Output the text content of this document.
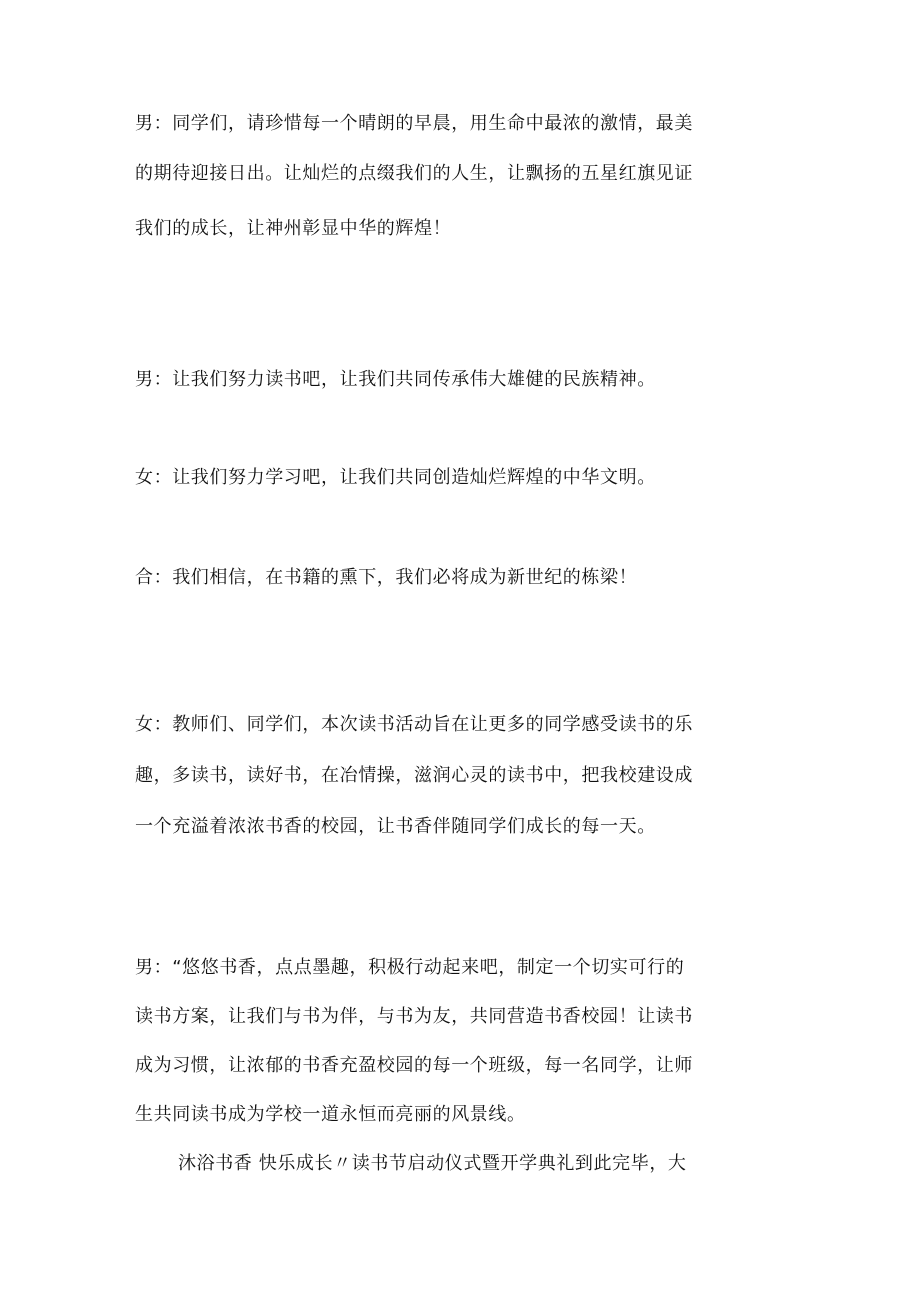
男：同学们，请珍惜每一个晴朗的早晨，用生命中最浓的激情，最美
的期待迎接日出。让灿烂的点缀我们的人生，让飘扬的五星红旗见证
我们的成长，让神州彰显中华的辉煌！
男：让我们努力读书吧，让我们共同传承伟大雄健的民族精神。
女：让我们努力学习吧，让我们共同创造灿烂辉煌的中华文明。
合：我们相信，在书籍的熏下，我们必将成为新世纪的栋梁！
女：教师们、同学们，本次读书活动旨在让更多的同学感受读书的乐
趣，多读书，读好书，在冶情操，滋润心灵的读书中，把我校建设成
一个充溢着浓浓书香的校园，让书香伴随同学们成长的每一天。
男：“悠悠书香，点点墨趣，积极行动起来吧，制定一个切实可行的
读书方案，让我们与书为伴，与书为友，共同营造书香校园！让读书
成为习惯，让浓郁的书香充盈校园的每一个班级，每一名同学，让师
生共同读书成为学校一道永恒而亮丽的风景线。
沐浴书香 快乐成长〃读书节启动仪式暨开学典礼到此完毕，大
